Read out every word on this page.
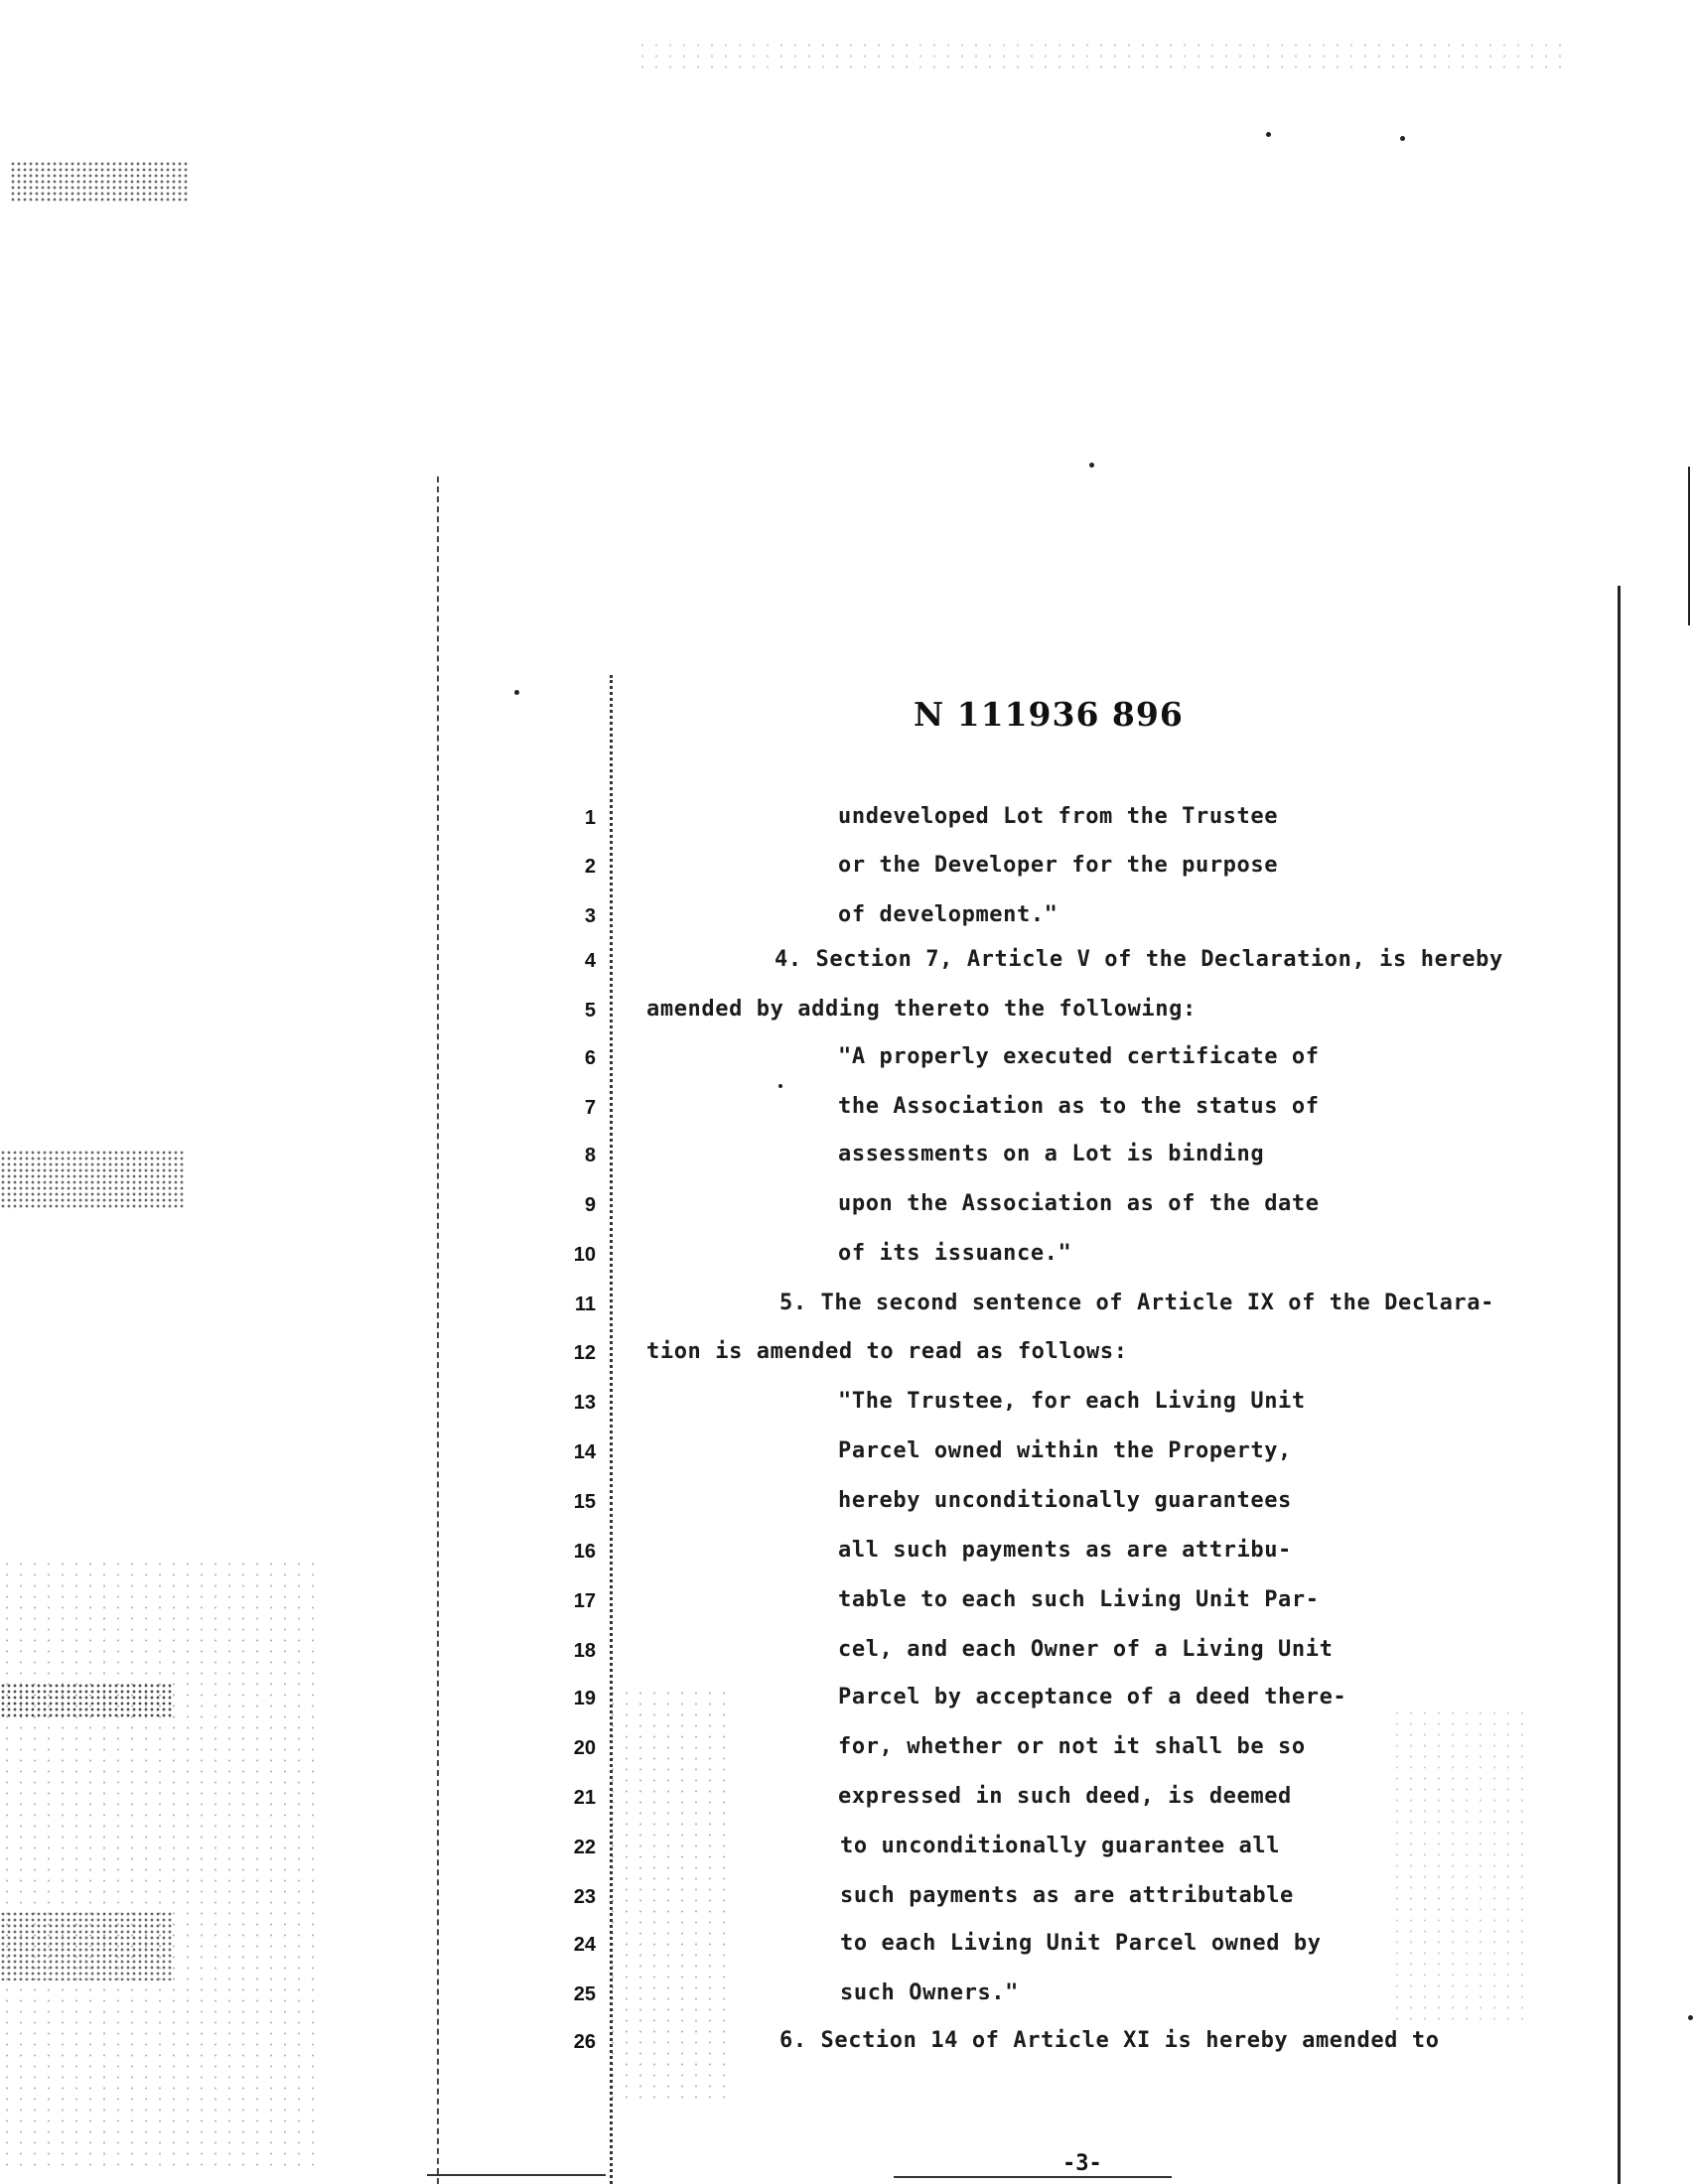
N 111936 896
1
2
3
4
5
6
7
8
9
10
11
12
13
14
15
16
17
18
19
20
21
22
23
24
25
26
undeveloped Lot from the Trustee
or the Developer for the purpose
of development."
4. Section 7, Article V of the Declaration, is hereby
amended by adding thereto the following:
"A properly executed certificate of
the Association as to the status of
assessments on a Lot is binding
upon the Association as of the date
of its issuance."
5. The second sentence of Article IX of the Declara-
tion is amended to read as follows:
"The Trustee, for each Living Unit
Parcel owned within the Property,
hereby unconditionally guarantees
all such payments as are attribu-
table to each such Living Unit Par-
cel, and each Owner of a Living Unit
Parcel by acceptance of a deed there-
for, whether or not it shall be so
expressed in such deed, is deemed
to unconditionally guarantee all
such payments as are attributable
to each Living Unit Parcel owned by
such Owners."
6. Section 14 of Article XI is hereby amended to
-3-
